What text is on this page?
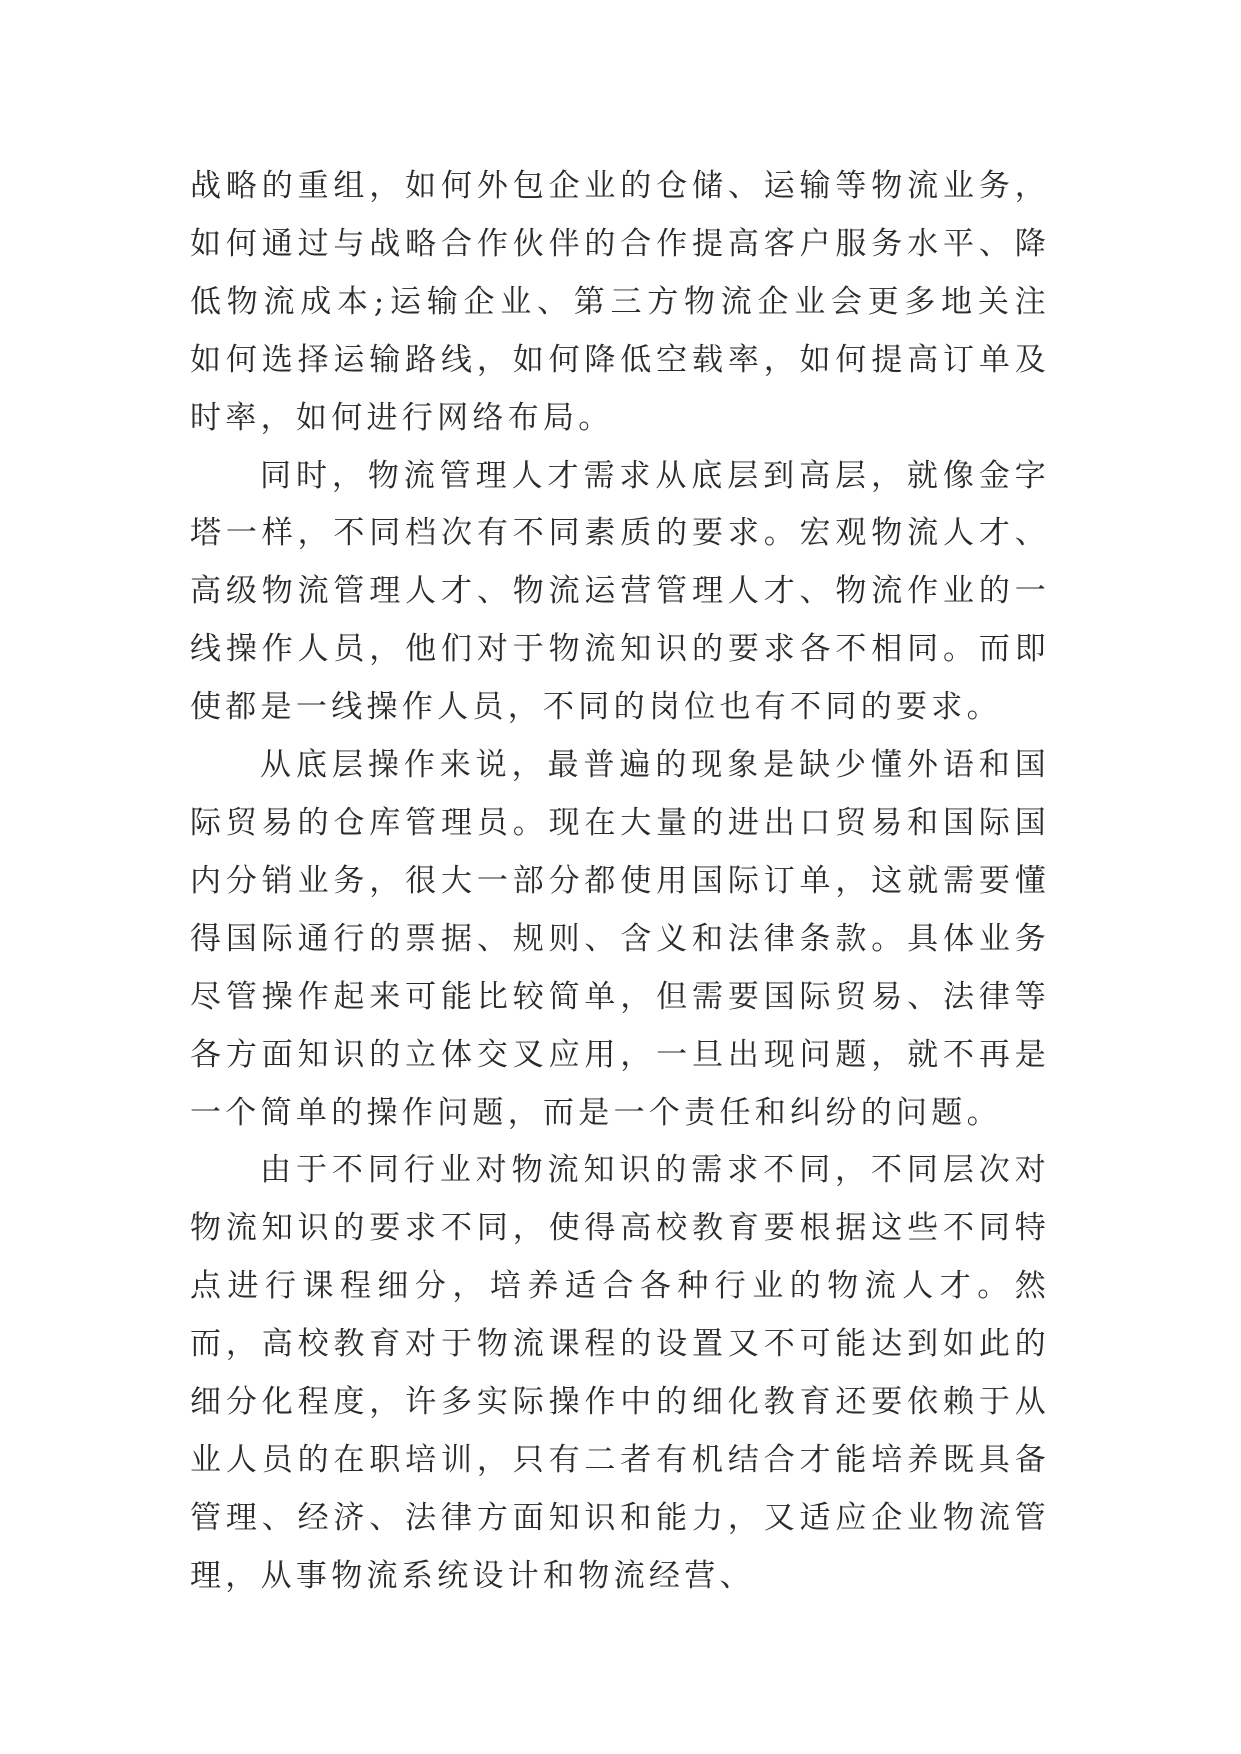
战略的重组，如何外包企业的仓储、运输等物流业务，如何通过与战略合作伙伴的合作提高客户服务水平、降低物流成本;运输企业、第三方物流企业会更多地关注如何选择运输路线，如何降低空载率，如何提高订单及时率，如何进行网络布局。

同时，物流管理人才需求从底层到高层，就像金字塔一样，不同档次有不同素质的要求。宏观物流人才、高级物流管理人才、物流运营管理人才、物流作业的一线操作人员，他们对于物流知识的要求各不相同。而即使都是一线操作人员，不同的岗位也有不同的要求。

从底层操作来说，最普遍的现象是缺少懂外语和国际贸易的仓库管理员。现在大量的进出口贸易和国际国内分销业务，很大一部分都使用国际订单，这就需要懂得国际通行的票据、规则、含义和法律条款。具体业务尽管操作起来可能比较简单，但需要国际贸易、法律等各方面知识的立体交叉应用，一旦出现问题，就不再是一个简单的操作问题，而是一个责任和纠纷的问题。

由于不同行业对物流知识的需求不同，不同层次对物流知识的要求不同，使得高校教育要根据这些不同特点进行课程细分，培养适合各种行业的物流人才。然而，高校教育对于物流课程的设置又不可能达到如此的细分化程度，许多实际操作中的细化教育还要依赖于从业人员的在职培训，只有二者有机结合才能培养既具备管理、经济、法律方面知识和能力，又适应企业物流管理，从事物流系统设计和物流经营、
